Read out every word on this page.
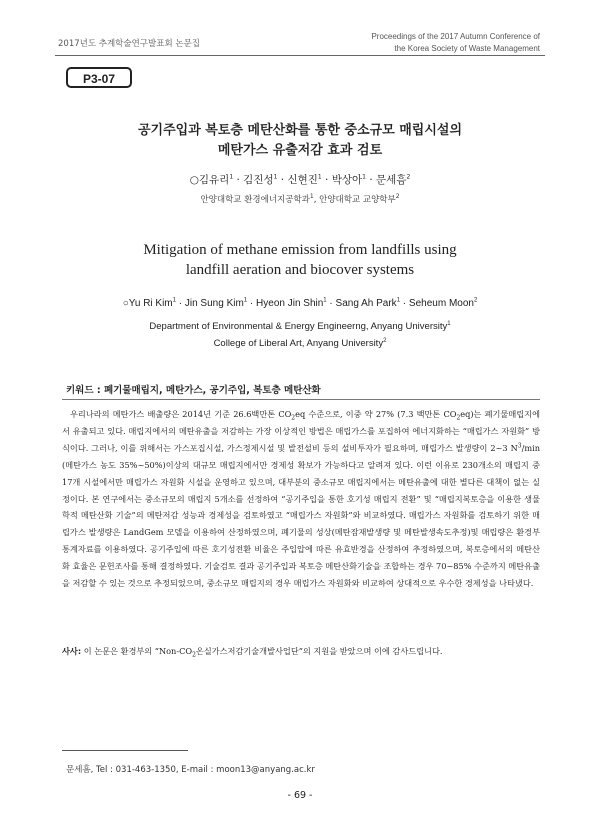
2017년도 추계학술연구발표회 논문집
Proceedings of the 2017 Autumn Conference of
the Korea Society of Waste Management
P3-07
공기주입과 복토층 메탄산화를 통한 중소규모 매립시설의
메탄가스 유출저감 효과 검토
○김유리$^1$ · 김진성$^1$ · 신현진$^1$ · 박상아$^1$ · 문세흠$^2$
안양대학교 환경에너지공학과$^1$, 안양대학교 교양학부$^2$
Mitigation of methane emission from landfills using
landfill aeration and biocover systems
○Yu Ri Kim$^1$ · Jin Sung Kim$^1$ · Hyeon Jin Shin$^1$ · Sang Ah Park$^1$ · Seheum Moon$^2$
Department of Environmental & Energy Engineerng, Anyang University$^1$
College of Liberal Art, Anyang University$^2$
키워드 : 폐기물매립지, 메탄가스, 공기주입, 복토층 메탄산화

우리나라의 메탄가스 배출량은 2014년 기준 26.6백만톤 $CO_2eq$ 수준으로, 이중 약 27% (7.3 백만톤 $CO_2eq$)는 폐기물매립지에서 유출되고 있다. 매립지에서의 메탄유출을 저감하는 가장 이상적인 방법은 매립가스를 포집하여 에너지화하는 “매립가스 자원화” 방식이다. 그러나, 이를 위해서는 가스포집시설, 가스정제시설 및 발전설비 등의 설비투자가 필요하며, 매립가스 발생량이 2~3 $N^3/\min$ (메탄가스 농도 35%~50%)이상의 대규모 매립지에서만 경제성 확보가 가능하다고 알려져 있다. 이런 이유로 230개소의 매립지 중 17개 시설에서만 매립가스 자원화 시설을 운영하고 있으며, 대부분의 중소규모 매립지에서는 메탄유출에 대한 별다른 대책이 없는 실정이다. 본 연구에서는 중소규모의 매립지 5개소를 선정하여 “공기주입을 통한 호기성 매립지 전환” 및 “매립지복토층을 이용한 생물학적 메탄산화 기술”의 메탄저감 성능과 경제성을 검토하였고 “매립가스 자원화”와 비교하였다. 매립가스 자원화를 검토하기 위한 매립가스 발생량은 LandGem 모델을 이용하여 산정하였으며, 폐기물의 성상(메탄잠재발생량 및 메탄발생속도추정)및 매립량은 환경부 통계자료를 이용하였다. 공기주입에 따른 호기성전환 비율은 주입압에 따른 유효반경을 산정하여 추정하였으며, 복토층에서의 메탄산화 효율은 문헌조사를 통해 결정하였다. 기술검토 결과 공기주입과 복토층 메탄산화기술을 조합하는 경우 70~85% 수준까지 메탄유출을 저감할 수 있는 것으로 추정되었으며, 중소규모 매립지의 경우 매립가스 자원화와 비교하여 상대적으로 우수한 경제성을 나타냈다.

사사: 이 논문은 환경부의 “$Non-CO_2$온실가스저감기술개발사업단”의 지원을 받았으며 이에 감사드립니다.
문세흠, Tel : 031-463-1350, E-mail : moon13@anyang.ac.kr
- 69 -
